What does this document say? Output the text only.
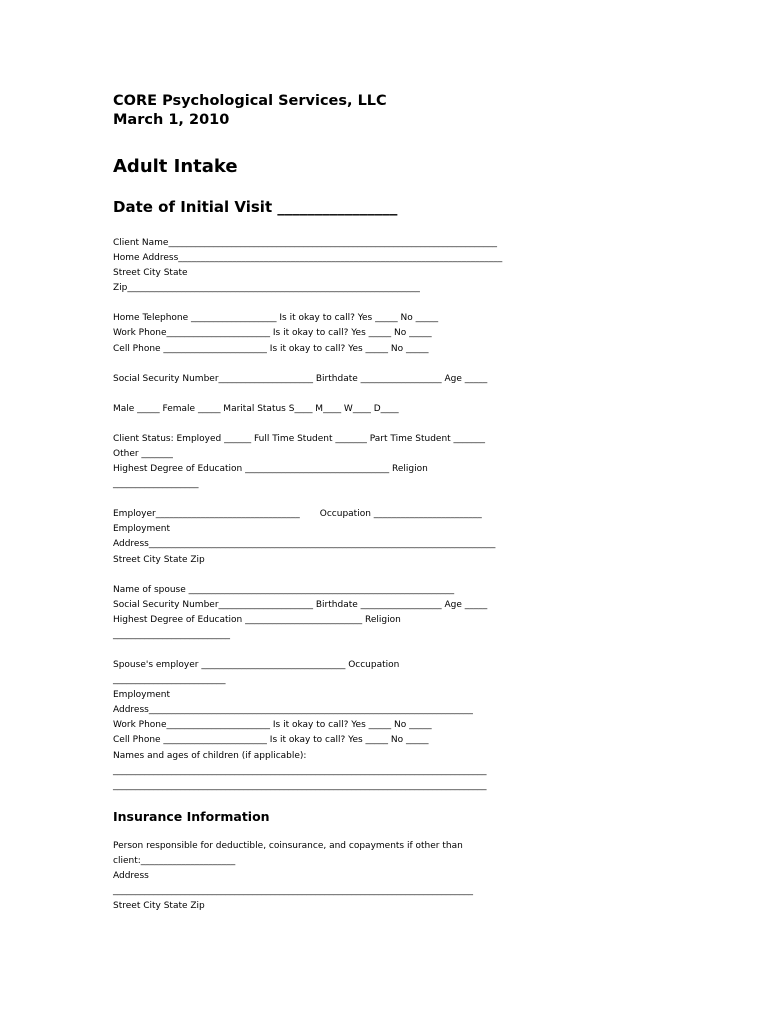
CORE Psychological Services, LLC

March 1, 2010

Adult Intake

Date of Initial Visit ________________

Client Name_________________________________________________________________________

Home Address________________________________________________________________________

Street City State

Zip_________________________________________________________________

Home Telephone ___________________ Is it okay to call? Yes _____ No _____

Work Phone_______________________ Is it okay to call? Yes _____ No _____

Cell Phone _______________________ Is it okay to call? Yes _____ No _____

Social Security Number_____________________ Birthdate __________________ Age _____

Male _____ Female _____ Marital Status S____ M____ W____ D____

Client Status: Employed ______ Full Time Student _______ Part Time Student _______

Other _______

Highest Degree of Education ________________________________ Religion

___________________

Employer________________________________       Occupation ________________________

Employment

Address_____________________________________________________________________________

Street City State Zip

Name of spouse ___________________________________________________________

Social Security Number_____________________ Birthdate __________________ Age _____

Highest Degree of Education __________________________ Religion

__________________________

Spouse's employer ________________________________ Occupation

_________________________

Employment

Address________________________________________________________________________

Work Phone_______________________ Is it okay to call? Yes _____ No _____

Cell Phone _______________________ Is it okay to call? Yes _____ No _____

Names and ages of children (if applicable):

___________________________________________________________________________________

___________________________________________________________________________________

Insurance Information

Person responsible for deductible, coinsurance, and copayments if other than

client:_____________________

Address

________________________________________________________________________________

Street City State Zip
